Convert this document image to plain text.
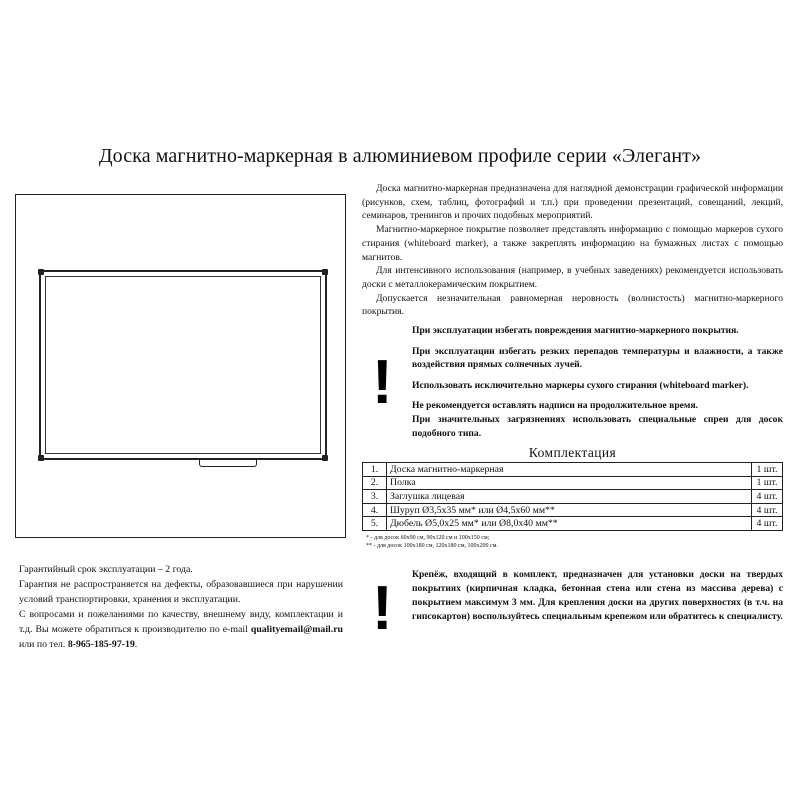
Доска магнитно-маркерная в алюминиевом профиле серии «Элегант»

Доска магнитно-маркерная предназначена для наглядной демонстрации графической информации (рисунков, схем, таблиц, фотографий и т.п.) при проведении презентаций, совещаний, лекций, семинаров, тренингов и прочих подобных мероприятий.

Магнитно-маркерное покрытие позволяет представлять информацию с помощью маркеров сухого стирания (whiteboard marker), а также закреплять информацию на бумажных листах с помощью магнитов.

Для интенсивного использования (например, в учебных заведениях) рекомендуется использовать доски с металлокерамическим покрытием.

Допускается незначительная равномерная неровность (волнистость) магнитно-маркерного покрытия.

!
При эксплуатации избегать повреждения магнитно-маркерного покрытия.
При эксплуатации избегать резких перепадов температуры и влажности, а также воздействия прямых солнечных лучей.
Использовать исключительно маркеры сухого стирания (whiteboard marker).
Не рекомендуется оставлять надписи на продолжительное время.
При значительных загрязнениях использовать специальные спреи для досок подобного типа.
Комплектация
1.	Доска магнитно-маркерная	1 шт.
2.	Полка	1 шт.
3.	Заглушка лицевая	4 шт.
4.	Шуруп Ø3,5х35 мм* или Ø4,5х60 мм**	4 шт.
5.	Дюбель Ø5,0х25 мм* или Ø8,0х40 мм**	4 шт.
* - для досок 60х90 см, 90х120 см и 100х150 см;
** - для досок 100х180 см, 120х180 см, 100х200 см.
Гарантийный срок эксплуатации – 2 года.
Гарантия не распространяется на дефекты, образовавшиеся при нарушении условий транспортировки, хранения и эксплуатации.
С вопросами и пожеланиями по качеству, внешнему виду, комплектации и т.д. Вы можете обратиться к производителю по e-mail qualityemail@mail.ru или по тел. 8-965-185-97-19.
! Крепёж, входящий в комплект, предназначен для установки доски на твердых покрытиях (кирпичная кладка, бетонная стена или стена из массива дерева) с покрытием максимум 3 мм. Для крепления доски на других поверхностях (в т.ч. на гипсокартон) воспользуйтесь специальным крепежом или обратитесь к специалисту.
